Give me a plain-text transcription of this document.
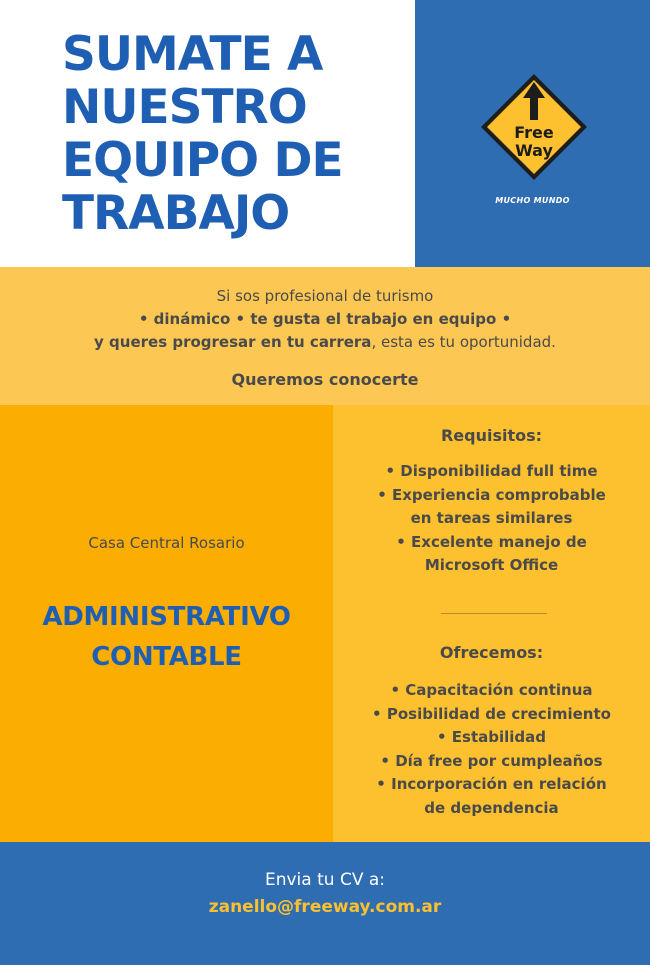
SUMATE A
NUESTRO
EQUIPO DE
TRABAJO
Free
Way
MUCHO MUNDO
Si sos profesional de turismo
• dinámico • te gusta el trabajo en equipo •
y queres progresar en tu carrera, esta es tu oportunidad.
Queremos conocerte
Casa Central Rosario
ADMINISTRATIVO
CONTABLE
Requisitos:
• Disponibilidad full time
• Experiencia comprobable
en tareas similares
• Excelente manejo de
Microsoft Office
Ofrecemos:
• Capacitación continua
• Posibilidad de crecimiento
• Estabilidad
• Día free por cumpleaños
• Incorporación en relación
de dependencia
Envia tu CV a:
zanello@freeway.com.ar
